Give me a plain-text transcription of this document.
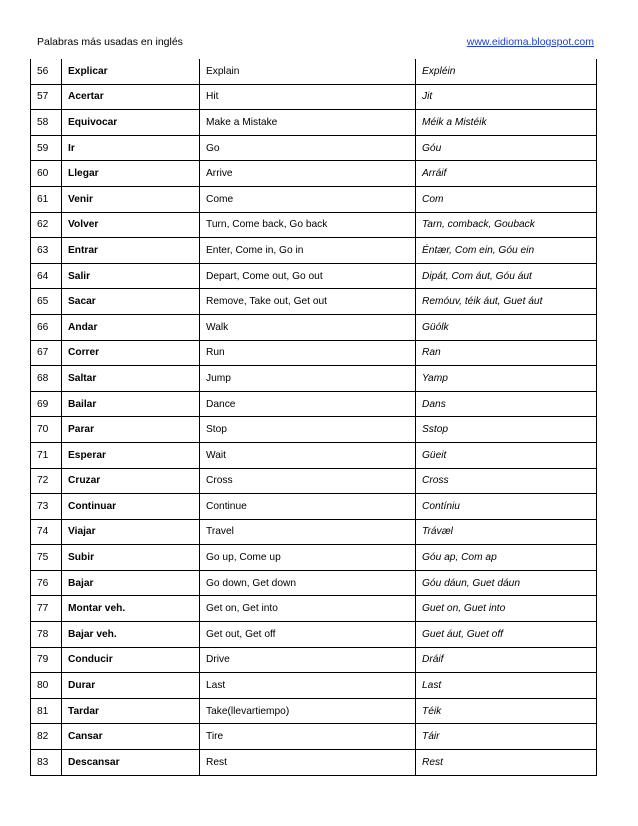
Palabras más usadas en inglés	www.eidioma.blogspot.com
56	Explicar	Explain	Expléin
57	Acertar	Hit	Jit
58	Equivocar	Make a Mistake	Méik a Mistéik
59	Ir	Go	Góu
60	Llegar	Arrive	Arráif
61	Venir	Come	Com
62	Volver	Turn, Come back, Go back	Tarn, comback, Gouback
63	Entrar	Enter, Come in, Go in	Éntær, Com ein, Góu ein
64	Salir	Depart, Come out, Go out	Dipát, Com áut, Góu áut
65	Sacar	Remove, Take out, Get out	Remóuv, téik áut, Guet áut
66	Andar	Walk	Güólk
67	Correr	Run	Ran
68	Saltar	Jump	Yamp
69	Bailar	Dance	Dans
70	Parar	Stop	Sstop
71	Esperar	Wait	Güeit
72	Cruzar	Cross	Cross
73	Continuar	Continue	Contíniu
74	Viajar	Travel	Trávæl
75	Subir	Go up, Come up	Góu ap, Com ap
76	Bajar	Go down, Get down	Góu dáun, Guet dáun
77	Montar veh.	Get on, Get into	Guet on, Guet into
78	Bajar veh.	Get out, Get off	Guet áut, Guet off
79	Conducir	Drive	Dráif
80	Durar	Last	Last
81	Tardar	Take(llevartiempo)	Téik
82	Cansar	Tire	Táir
83	Descansar	Rest	Rest
